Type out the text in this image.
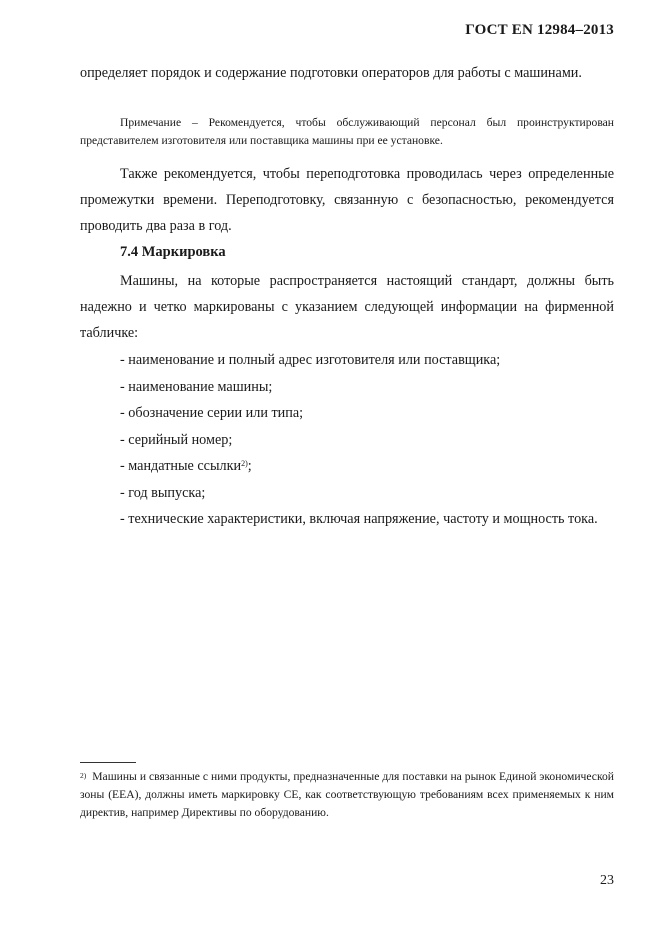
ГОСТ EN 12984–2013

определяет порядок и содержание подготовки операторов для работы с машинами.

Примечание – Рекомендуется, чтобы обслуживающий персонал был проинструктирован представителем изготовителя или поставщика машины при ее установке.

Также рекомендуется, чтобы переподготовка проводилась через определенные промежутки времени. Переподготовку, связанную с безопасностью, рекомендуется проводить два раза в год.

7.4 Маркировка

Машины, на которые распространяется настоящий стандарт, должны быть надежно и четко маркированы с указанием следующей информации на фирменной табличке:

- наименование и полный адрес изготовителя или поставщика;

- наименование машины;

- обозначение серии или типа;

- серийный номер;

- мандатные ссылки$^{2)}$;

- год выпуска;

- технические характеристики, включая напряжение, частоту и мощность тока.

$^{2)}$ Машины и связанные с ними продукты, предназначенные для поставки на рынок Единой экономической зоны (EEA), должны иметь маркировку CE, как соответствующую требованиям всех применяемых к ним директив, например Директивы по оборудованию.

23
